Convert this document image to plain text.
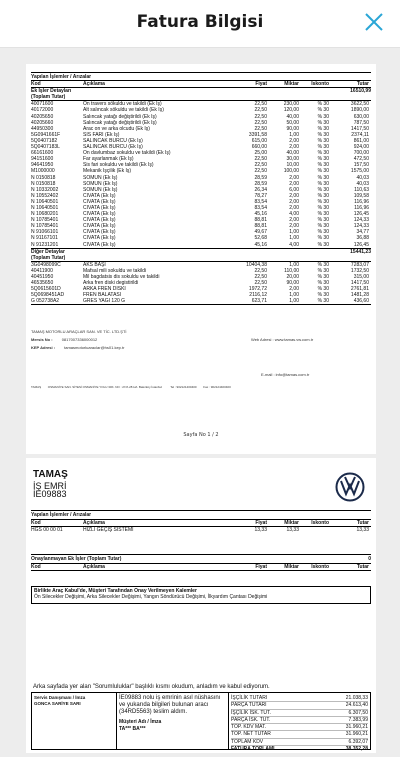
Fatura Bilgisi
Yapılan İşlemler / Arızalar
Kod	Açıklama	Fiyat	Miktar	İskonto	Tutar
Ek İşler Detayları
(Toplam Tutar)
16510,99
40071600	Ön travers sökuldu ve takildi (Ek İş)	22,50	230,00	% 30	3622,50
40172000	Alt salıncak sökuldu ve takildi (Ek İş)	22,50	120,00	% 30	1890,00
40205650	Salıncak yatağı değiştirildi (Ek İş)	22,50	40,00	% 30	630,00
40205660	Salıncak yatağı değiştirildi (Ek İş)	22,50	50,00	% 30	787,50
44950300	Arac on ve arka olcudu (Ek İş)	22,50	90,00	% 30	1417,50
5G0941661F	SİS FARI (Ek İş)	3391,58	1,00	% 30	2374,11
5Q0407182	SALINCAK BURCU (Ek İş)	615,00	2,00	% 30	861,00
5Q0407183L	SALINCAK BURCU (Ek İş)	660,00	2,00	% 30	924,00
66161600	On davlumbaz sokuldu ve takildi (Ek İş)	25,00	40,00	% 30	700,00
94151600	Far ayarlanmak (Ek İş)	22,50	30,00	% 30	472,50
94641950	Sis fari sokuldu ve takildi (Ek İş)	22,50	10,00	% 30	157,50
M1000000	Mekanik İşçilik (Ek İş)	22,50	100,00	% 30	1575,00
N 0150818	SOMUN (Ek İş)	28,59	2,00	% 30	40,03
N 0150818	SOMUN (Ek İş)	28,59	2,00	% 30	40,03
N 10332002	SOMUN (Ek İş)	26,34	6,00	% 30	110,63
N 10552402	CİVATA (Ek İş)	78,27	2,00	% 30	109,58
N 10640501	CİVATA (Ek İş)	83,54	2,00	% 30	116,96
N 10640501	CİVATA (Ek İş)	83,54	2,00	% 30	116,96
N 10680201	CİVATA (Ek İş)	45,16	4,00	% 30	126,45
N 10785401	CİVATA (Ek İş)	88,81	2,00	% 30	124,33
N 10785401	CİVATA (Ek İş)	88,81	2,00	% 30	124,33
N 91066101	CİVATA (Ek İş)	49,67	1,00	% 30	34,77
N 91167101	CİVATA (Ek İş)	52,68	1,00	% 30	36,88
N 91231201	CİVATA (Ek İş)	45,16	4,00	% 30	126,45
Diğer Detaylar
(Toplam Tutar)
15441,23
3G0498099C	AKS BAŞI	10404,38	1,00	% 30	7283,07
40411900	Mafsal mili sokuldu ve takildi	22,50	110,00	% 30	1732,50
40451950	Mil bagdatsis dis sokuldu ve takildi	22,50	20,00	% 30	315,00
46535650	Arka fren diski degistirildi	22,50	90,00	% 30	1417,50
5Q0615601D	ARKA FREN DİSKİ	1972,72	2,00	% 30	2761,81
5Q0698451AD	FREN BALATASI	2116,12	1,00	% 30	1481,28
G 052738A2	GRES YAĞI 120 G	623,71	1,00	% 30	436,60
TAMAŞ MOTORLU ARAÇLAR SAN. VE TİC. LTD.ŞTİ
Mersis No : 0817007336000012	Web Adresi : www.tamas.vw.com.tr
KEP Adresi : tamasmotorluaraclar@hs01.kep.tr
E-mail : info@tamas.com.tr
TAMAŞ        OSMANİYE SAN. SİTESİ OSMANİYE YOLU 30K. NO : 27/A 28 HA  Bakırköy İstanbul          Tel : 902121400400        Fax : 902124400400
Sayfa No 1 / 2
TAMAŞ
İŞ EMRİ
İE09883
Yapılan İşlemler / Arızalar
Kod	Açıklama	Fiyat	Miktar	İskonto	Tutar
HGS 00 00 01	HIZLI GEÇİŞ SİSTEMİ	13,33	13,33	13,33
Onaylanmayan Ek İşler (Toplam Tutar)	0
Kod	Açıklama	Fiyat	Miktar	İskonto	Tutar
Birlikte Araç Kabul'de, Müşteri Tarafından Onay Verilmeyen Kalemler
Ön Silecekler Değişimi, Arka Silecekler Değişimi, Yangın Söndürücü Değişimi, İlkyardım Çantası Değişimi
Arka sayfada yer alan "Sorumluluklar" başlıklı kısmı okudum, anladım ve kabul ediyorum.
Servis Danışmanı / İmza
GONCA SARİYE SARI
İE09883 nolu iş emrinin asıl nüshasını ve yukarıda bilgileri bulunan aracı (34RD5563) teslim aldım.
Müşteri Adı / İmza
TA*** BA***
İŞÇİLİK TUTARI	21.038,33
PARÇA TUTARI	24.613,40
İŞÇİLİK İSK. TUT.	6.307,50
PARÇA İSK. TUT.	7.383,99
TOP. KDV MAT.	31.960,21
TOP. NET TUTAR	31.960,21
TOPLAM KDV	6.392,07
FATURA TOPLAMI	38.352,28
